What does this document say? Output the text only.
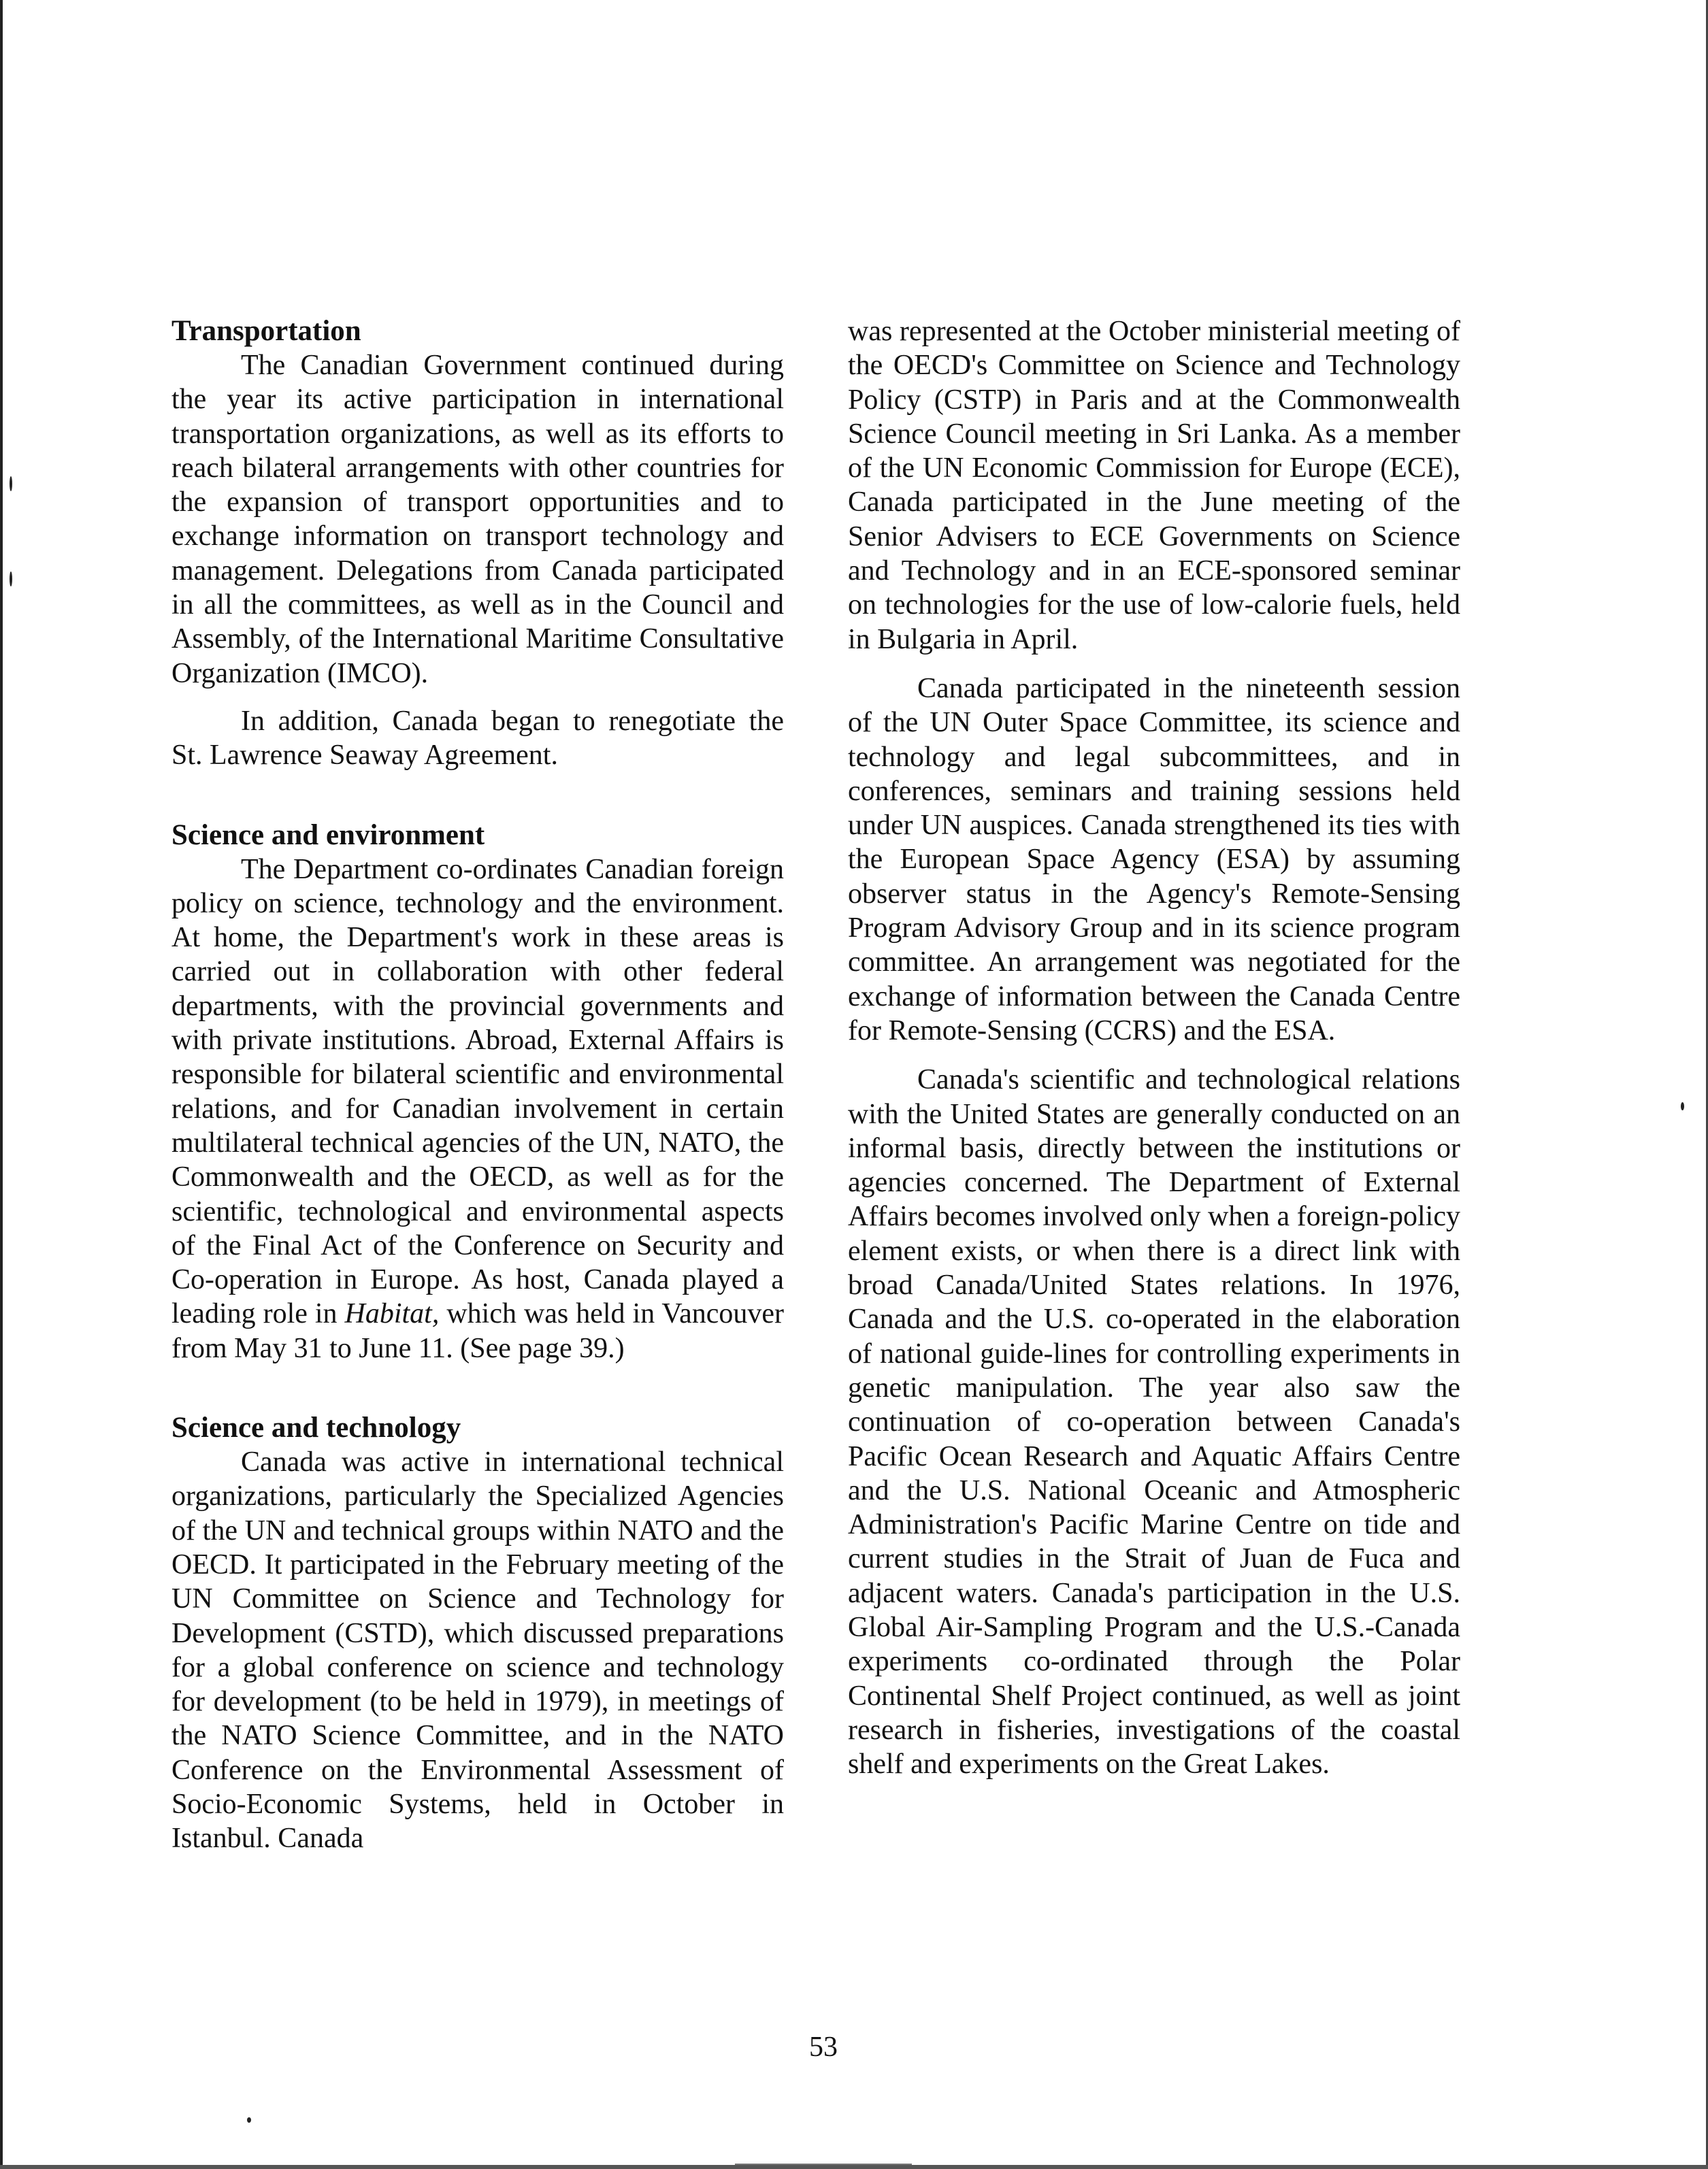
Transportation

The Canadian Government continued during the year its active participation in international transportation organizations, as well as its efforts to reach bilateral arrangements with other countries for the expansion of transport opportunities and to exchange information on transport technology and management. Delegations from Canada participated in all the committees, as well as in the Council and Assembly, of the International Maritime Consultative Organization (IMCO).

In addition, Canada began to renegotiate the St. Lawrence Seaway Agreement.

Science and environment

The Department co-ordinates Canadian foreign policy on science, technology and the environment. At home, the Department's work in these areas is carried out in collaboration with other federal departments, with the provincial governments and with private institutions. Abroad, External Affairs is responsible for bilateral scientific and environmental relations, and for Canadian involvement in certain multilateral technical agencies of the UN, NATO, the Commonwealth and the OECD, as well as for the scientific, technological and environmental aspects of the Final Act of the Conference on Security and Co-operation in Europe. As host, Canada played a leading role in Habitat, which was held in Vancouver from May 31 to June 11. (See page 39.)

Science and technology

Canada was active in international technical organizations, particularly the Specialized Agencies of the UN and technical groups within NATO and the OECD. It participated in the February meeting of the UN Committee on Science and Technology for Development (CSTD), which discussed preparations for a global conference on science and technology for development (to be held in 1979), in meetings of the NATO Science Committee, and in the NATO Conference on the Environmental Assessment of Socio-Economic Systems, held in October in Istanbul. Canada

was represented at the October ministerial meeting of the OECD's Committee on Science and Technology Policy (CSTP) in Paris and at the Commonwealth Science Council meeting in Sri Lanka. As a member of the UN Economic Commission for Europe (ECE), Canada participated in the June meeting of the Senior Advisers to ECE Governments on Science and Technology and in an ECE-sponsored seminar on technologies for the use of low-calorie fuels, held in Bulgaria in April.

Canada participated in the nineteenth session of the UN Outer Space Committee, its science and technology and legal subcommittees, and in conferences, seminars and training sessions held under UN auspices. Canada strengthened its ties with the European Space Agency (ESA) by assuming observer status in the Agency's Remote-Sensing Program Advisory Group and in its science program committee. An arrangement was negotiated for the exchange of information between the Canada Centre for Remote-Sensing (CCRS) and the ESA.

Canada's scientific and technological relations with the United States are generally conducted on an informal basis, directly between the institutions or agencies concerned. The Department of External Affairs becomes involved only when a foreign-policy element exists, or when there is a direct link with broad Canada/United States relations. In 1976, Canada and the U.S. co-operated in the elaboration of national guide-lines for controlling experiments in genetic manipulation. The year also saw the continuation of co-operation between Canada's Pacific Ocean Research and Aquatic Affairs Centre and the U.S. National Oceanic and Atmospheric Administration's Pacific Marine Centre on tide and current studies in the Strait of Juan de Fuca and adjacent waters. Canada's participation in the U.S. Global Air-Sampling Program and the U.S.-Canada experiments co-ordinated through the Polar Continental Shelf Project continued, as well as joint research in fisheries, investigations of the coastal shelf and experiments on the Great Lakes.

53
